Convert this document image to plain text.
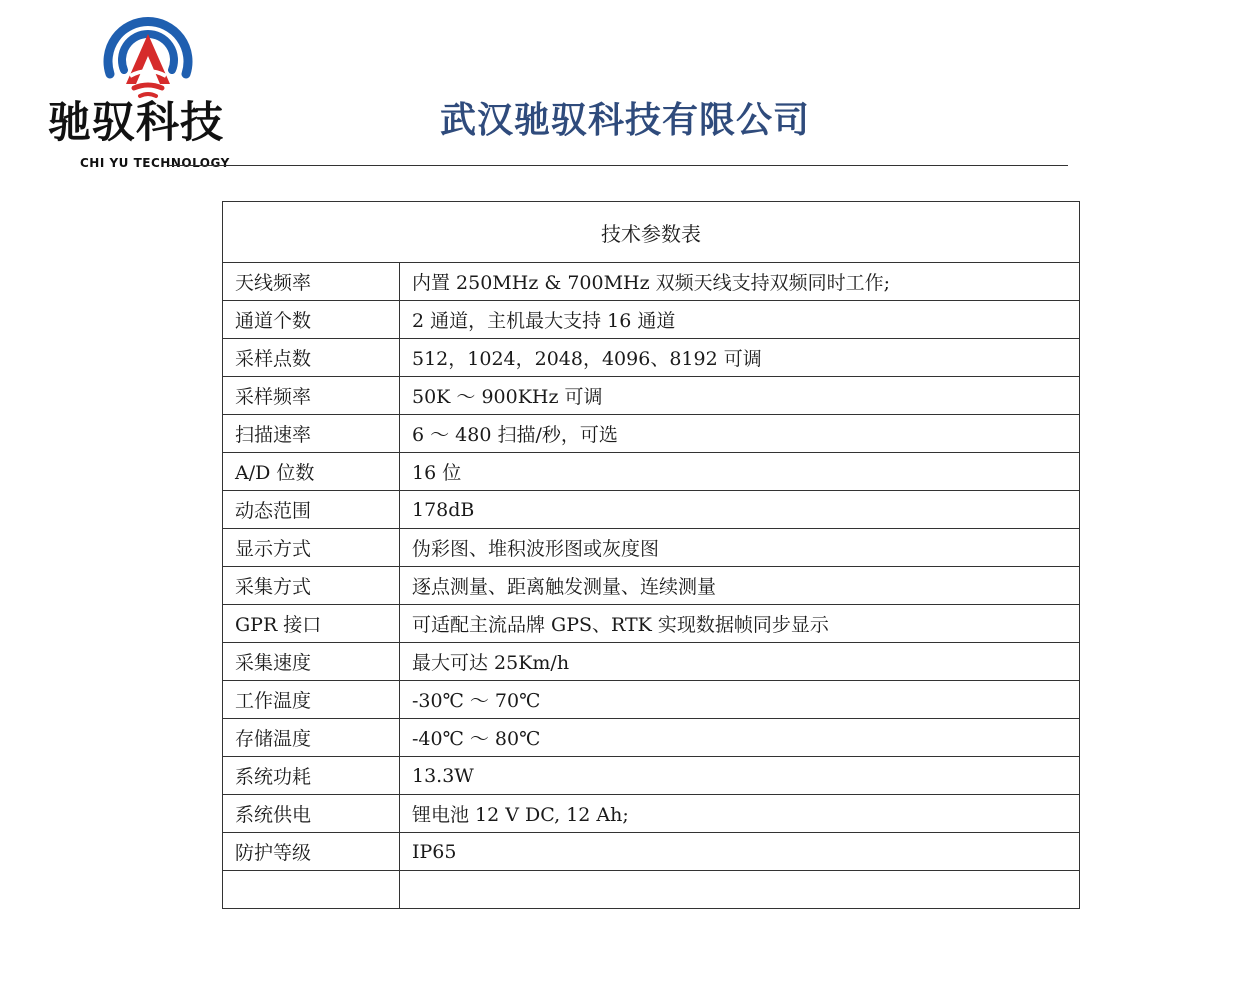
驰驭科技
CHI YU TECHNOLOGY
武汉驰驭科技有限公司
技术参数表	
天线频率	内置 250MHz & 700MHz 双频天线支持双频同时工作;
通道个数	2 通道，主机最大支持 16 通道
采样点数	512，1024，2048，4096、8192 可调
采样频率	50K ～ 900KHz 可调
扫描速率	6 ～ 480 扫描/秒，可选
A/D 位数	16 位
动态范围	178dB
显示方式	伪彩图、堆积波形图或灰度图
采集方式	逐点测量、距离触发测量、连续测量
GPR 接口	可适配主流品牌 GPS、RTK 实现数据帧同步显示
采集速度	最大可达 25Km/h
工作温度	-30℃ ～ 70℃
存储温度	-40℃ ～ 80℃
系统功耗	13.3W
系统供电	锂电池 12 V DC, 12 Ah;
防护等级	IP65
